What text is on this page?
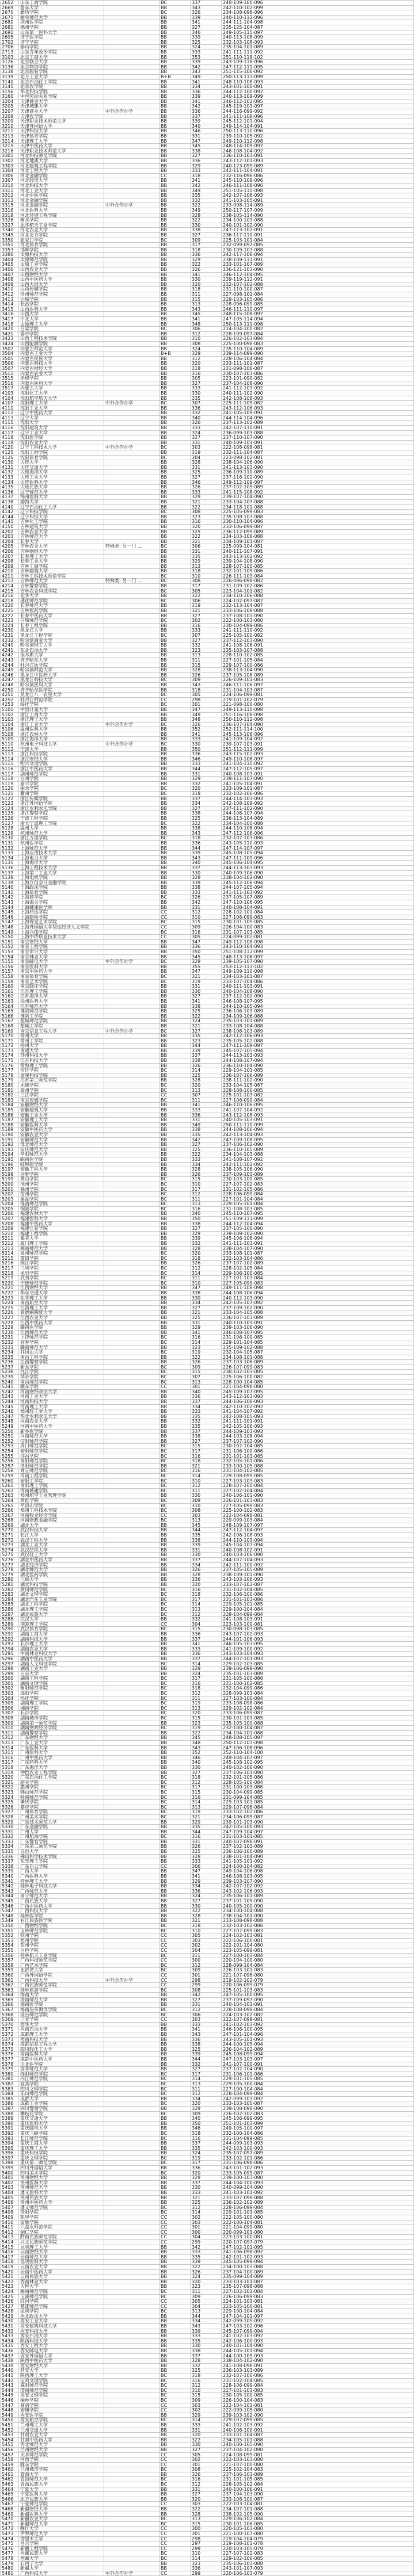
2652	山东工商学院		BC	337	240-109-100-096
2669	鲁东大学		BB	343	242-110-102-099
2670	潍坊学院		BC	326	234-108-098-096
2671	曲阜师范大学		BB	339	240-110-112-096
2680	滨州医学院		BB	341	244-111-104-098
2681	德州学院		BB	327	235-125-104-087
2691	山东第一医科大学		BB	346	249-105-115-097
2695	济宁医学院		BB	339	240-113-108-099
2702	济宁学院		BB	325	232-103-108-093
2706	泰山学院		BB	324	235-104-101-089
2713	山东青年政治学院		BB	333	241-111-111-092
3103	北京工商大学		BB	353	251-110-118-102
3126	北京联合大学		BB	339	243-109-118-096
3136	北京物资学院		BB	342	247-112-111-095
3138	北京服装学院		BB	343	251-115-106-092
3139	北方工业大学		B+B	349	250-113-113-099
3140	北京石油化工学院		BB	341	248-110-108-093
3145	北京农学院		BB	334	243-101-100-091
3156	华北科技学院		BB	336	244-112-100-092
3160	中国劳动关系学院		BB	339	240-113-109-099
3204	天津商业大学		BB	341	246-112-102-095
3205	天津城建大学		BB	342	245-119-103-097
3207	天津商业大学	中外合作办学	BB	336	244-116-099-092
3208	天津农学院		BB	337	241-111-108-096
3209	天津职业技术师范大学		BB	339	245-112-101-094
3210	天津外国语大学		BB	340	249-114-104-091
3211	天津科技大学		BB	346	250-113-110-096
3213	天津体育学院		BB	331	239-110-105-092
3214	天津理工大学		BB	347	249-110-112-098
3215	天津中医药大学		BB	345	248-114-109-097
3216	天津职业技术师范大学		BB	338	246-108-104-092
3301	河北科技师范学院		BB	327	236-110-103-091
3302	河北地质大学		BB	336	243-112-101-093
3303	河北建筑工程学院		BB	329	240-123-099-089
3304	河北工程大学		BB	333	242-111-104-091
3306	河北金融学院		CC	318	232-116-096-086
3307	河北经贸大学		BB	341	245-110-109-096
3310	河北科技大学		BB	342	246-111-108-096
3311	河北工业大学		BB	349	251-105-110-098
3312	河北中医学院		BB	335	242-107-106-093
3313	河北金融学院		BB	332	241-103-105-091
3315	河北金融学院	中外合作办学	BB	322	233-098-114-089
3316	河北医科大学		BB	349	250-117-107-099
3318	河北环境工程学院		BB	328	238-105-114-090
3326	衡水学院		BB	322	234-100-103-088
3327	北华航天工业学院		BB	330	240-101-102-090
3340	河北农业大学		BB	338	247-113-102-091
3345	河北北方学院		BB	327	236-117-110-091
3350	张家口学院		BC	309	225-103-101-084
3351	河北体育学院		BB	317	232-099-097-085
3353	邯郸学院		BB	318	230-109-103-088
3380	太原科技大学		BB	336	242-117-106-094
3404	太原师范学院		BB	329	238-109-111-091
3405	太原工业学院		BB	322	233-101-107-089
3406	山西农业大学		BB	326	236-121-103-090
3407	山西财经大学		BB	341	246-112-104-095
3408	山西中医药大学		BB	330	239-119-112-091
3409	山西大同大学		BB	320	232-107-102-088
3410	山西传媒学院		BB	318	231-110-100-087
3412	忻州师范学院		BB	311	227-098-101-084
3413	运城学院		BB	315	229-103-105-086
3414	长治学院		BB	313	228-096-099-085
3415	山西医科大学		BB	343	246-111-110-097
3416	山西大学		BB	345	248-115-108-097
3417	中北大学		BB	341	247-105-114-094
3418	太原理工大学		BB	348	250-113-111-098
3420	吕梁学院		BC	306	224-104-100-082
3421	晋中学院		BB	312	228-109-097-084
3423	山西工程技术学院		BB	310	226-102-103-084
3424	山西能源学院		BB	308	225-100-098-083
3502	内蒙古师范大学		BB	324	235-110-104-089
3504	内蒙古工业大学		B+B	329	239-114-099-090
3505	内蒙古民族大学		BB	312	228-106-104-084
3506	内蒙古科技大学		BB	320	233-111-101-087
3507	内蒙古财经大学		BB	318	231-098-106-087
3511	内蒙古农业大学		BB	316	230-107-103-086
3515	赤峰学院		BB	305	223-101-099-082
3516	内蒙古医科大学		BB	327	237-104-108-090
3517	内蒙古大学		BB	333	241-112-103-092
4103	沈阳化工大学		BB	330	240-111-102-090
4104	沈阳航空航天大学		BB	335	242-108-108-093
4107	沈阳理工大学	中外合作办学	BC	307	225-111-105-082
4110	沈阳工业大学		BB	336	243-112-106-093
4112	辽宁中医药大学		BB	332	241-105-109-091
4113	辽宁大学		BB	340	244-114-104-096
4115	沈阳大学		BB	326	237-113-102-089
4116	沈阳建筑大学		BB	333	242-107-110-091
4117	辽宁工业大学		BB	324	236-099-103-088
4118	沈阳医学院		BB	327	237-110-107-090
4119	沈阳农业大学		BB	331	240-109-101-091
4120	辽宁工程技术大学	中外合作办学	BC	303	222-108-098-081
4125	沈阳工程学院		BB	319	232-111-104-087
4126	沈阳体育学院		BC	304	223-098-102-081
4130	大连大学		BB	328	238-104-106-090
4131	大连交通大学		BB	331	241-113-103-090
4132	大连海洋大学		BB	325	236-109-110-089
4133	大连工业大学		BB	327	237-116-102-090
4134	大连医科大学		BB	346	249-112-109-097
4135	大连民族大学		BB	326	237-102-105-089
4136	辽宁师范大学		BB	333	241-115-108-092
4137	锦州医科大学		BB	329	239-107-104-090
4138	渤海大学		BB	321	233-104-107-088
4140	辽宁石油化工大学		BB	322	234-118-101-088
4142	辽宁科技学院		BC	308	225-105-099-083
4144	辽宁科技大学		BB	323	235-108-103-088
4145	吉林化工学院		BB	316	230-110-104-086
4150	吉林建筑大学		BB	320	233-106-099-087
4202	吉林农业大学		BB	325	236-112-099-089
4203	吉林师范大学		BB	322	234-103-106-088
4204	长春大学		BB	321	234-109-101-087
4205	吉林农业大学	特殊类: 另一门 ...	BC	306	225-099-104-081
4206	吉林财经大学		BB	331	240-111-107-091
4207	长春理工大学		BB	335	243-113-102-092
4208	长春工业大学		BB	329	239-104-108-090
4209	吉林工商学院		BB	313	228-107-100-085
4210	吉林建筑大学		BB	318	232-101-105-086
4211	吉林工程技术师范学院		BC	310	226-111-103-084
4213	吉林师范大学	特殊类: 另一门 ...	BC	308	226-096-098-082
4214	吉林警察学院		BB	317	231-109-102-086
4215	吉林农业科技学院		BC	305	223-104-101-082
4216	北华大学		BB	322	234-110-106-088
4218	通化师范学院		BC	306	224-102-097-082
4220	长春师范大学		BB	319	232-113-104-087
4221	吉林医药学院		BB	321	233-106-108-088
4222	长春中医药大学		BB	327	237-108-101-090
4223	白城师范学院		BC	302	222-100-103-080
4224	长春工程学院		BB	316	230-104-099-086
4230	黑龙江大学		BB	333	241-111-110-092
4231	黑龙江工程学院		BC	307	225-105-100-082
4232	哈尔滨商业大学		BB	327	237-112-103-090
4240	哈尔滨理工大学		BB	332	241-108-106-091
4241	东北石油大学		BB	323	235-103-107-088
4242	佳木斯大学		BB	313	228-110-102-085
4243	齐齐哈尔大学		BB	311	227-101-105-084
4244	牡丹江医学院		BB	315	229-107-100-086
4245	哈尔滨师范大学		BB	328	238-113-104-090
4246	黑龙江中医药大学		BB	326	237-105-108-089
4247	黑龙江科技大学		BC	309	226-109-101-083
4248	哈尔滨医科大学		BB	343	246-111-106-097
4250	齐齐哈尔医学院		BB	318	231-104-103-087
4251	黑龙江八一农垦大学		BC	305	224-106-099-081
4252	牡丹江师范学院		CC	298	219-101-102-079
4253	绥化学院		BC	301	221-098-100-080
5101	中国计量大学		BB	347	249-113-110-098
5102	浙江工商大学		BB	349	251-116-108-098
5103	浙江理工大学		BB	348	250-110-112-098
5104	浙江工业大学	中外合作办学	BC	326	236-107-104-090
5106	温州医科大学		BB	352	252-111-114-100
5108	浙江农林大学		BB	341	245-113-106-096
5109	浙江海洋大学		BB	333	241-109-104-092
5110	杭州电子科技大学	中外合作办学	BC	330	239-107-103-091
5112	宁波大学		BB	350	251-112-111-099
5113	浙江科技学院		BB	336	243-115-102-093
5114	浙江财经大学		BB	346	249-110-108-097
5115	绍兴文理学院		BB	333	241-104-110-092
5116	浙江中医药大学		BB	344	247-112-105-097
5117	湖州师范学院		BB	331	240-108-103-091
5118	台州学院		BB	329	239-111-107-090
5119	嘉兴学院		BB	332	241-105-104-091
5120	丽水学院		BC	320	233-109-101-087
5121	衢州学院		BC	318	232-102-106-086
5122	浙江传媒学院		BB	337	244-114-103-093
5123	浙江外国语学院		BB	334	242-108-109-092
5124	浙江水利水电学院		BB	327	237-111-102-090
5125	浙江警察学院		BB	338	244-106-107-094
5126	宁波工程学院		BB	325	236-113-104-089
5127	浙大宁波理工学院		BC	322	234-104-100-088
5128	温州大学		BB	338	244-110-108-094
5129	杭州师范大学		BB	343	247-112-106-096
5130	浙江万里学院		BC	318	232-107-103-086
5131	杭州医学院		BB	336	243-105-110-093
5132	上海师范大学		BB	344	247-114-107-097
5133	上海应用技术大学		BB	339	245-108-105-094
5134	上海电力大学		BB	343	247-111-109-096
5135	上海海洋大学		BB	340	245-106-104-095
5136	上海工程技术大学		BB	337	244-113-103-093
5137	上海第二工业大学		BB	330	240-109-106-090
5138	上海电机学院		BB	328	238-104-102-090
5139	上海立信会计金融学院		BB	339	245-112-108-094
5140	上海政法学院		BB	338	244-107-105-094
5141	上海体育学院		BB	333	241-111-103-092
5142	上海商学院		BC	326	237-105-107-089
5143	上海海关学院		BB	342	247-110-106-095
5144	上海健康医学院		BB	331	240-108-104-091
5145	上海杉达学院		CC	312	228-102-101-084
5146	上海建桥学院		CC	310	227-106-099-083
5147	上海视觉艺术学院		BC	315	230-101-105-085
5148	上海外国语大学贤达经济人文学院		CC	309	226-104-100-083
5149	上海兴伟学院		BC	316	231-107-103-085
5150	上海中侨职业技术大学		CC	305	224-099-102-081
5151	南京财经大学		BB	347	249-112-108-098
5152	南京工程学院		BB	336	243-110-104-093
5153	南京审计大学		BB	350	251-108-112-099
5154	南京林业大学		BB	345	248-113-106-097
5155	南京邮电大学	中外合作办学	BC	329	239-105-107-090
5156	南京医科大学		BB	355	253-112-113-102
5157	南京中医药大学		BB	347	249-109-110-098
5158	南京体育学院		BC	321	234-103-101-087
5159	南京艺术学院		BC	319	233-107-104-086
5160	南京晓庄学院		BB	331	240-111-103-091
5161	江苏理工学院		BB	330	240-104-108-090
5162	江苏海洋大学		BB	327	237-112-102-090
5163	徐州医科大学		BB	341	246-108-107-095
5164	江苏师范大学		BB	338	244-110-105-094
5165	淮阴师范学院		BB	325	236-106-103-089
5166	淮阴工学院		BB	322	234-109-106-088
5167	盐城师范学院		BB	324	235-103-101-089
5168	盐城工学院		BB	321	233-108-104-088
5169	南京信息工程大学	中外合作办学	BC	327	238-106-103-089
5170	常州大学		BB	335	242-112-106-093
5171	常州工学院		BB	323	235-105-102-088
5172	扬州大学		BB	344	247-111-109-097
5173	南通大学		BB	339	245-107-105-094
5174	苏州科技大学		BB	337	244-113-103-093
5175	江苏科技大学		BB	338	244-108-107-094
5176	常熟理工学院		BB	326	236-110-104-090
5177	宿迁学院		BC	314	229-104-101-085
5178	金陵科技学院		BB	325	236-107-106-089
5179	江苏第二师范学院		BB	328	238-111-102-090
5180	无锡学院		BC	320	233-104-105-087
5181	泰州学院		BC	313	228-108-100-085
5182	三江学院		CC	307	225-101-103-082
5183	南京传媒学院		BC	311	227-106-099-084
5184	安徽财经大学		BB	341	246-110-106-095
5185	安徽建筑大学		BB	333	241-107-104-092
5186	安徽工业大学		BB	336	243-112-108-093
5187	安徽理工大学		BB	331	240-105-103-091
5188	安徽医科大学		BB	349	250-111-110-099
5189	安徽中医药大学		BB	338	244-108-106-094
5190	安徽农业大学		BB	335	242-113-104-093
5191	安徽师范大学		BB	342	247-109-108-095
5192	淮北师范大学		BB	327	237-106-102-090
5193	安庆师范大学		BB	325	236-110-105-089
5194	阜阳师范大学		BB	322	234-104-103-088
5195	皖南医学院		BB	333	241-108-107-092
5196	蚌埠医学院		BB	334	242-111-102-092
5197	安徽工程大学		BB	328	238-105-106-090
5198	合肥学院		BB	326	237-109-103-089
5199	黄山学院		BC	315	230-103-100-085
5200	池州学院		BC	310	227-107-102-083
5201	滁州学院		BC	317	231-102-105-086
5202	宿州学院		BC	312	228-106-099-084
5203	巢湖学院		BC	311	227-101-104-084
5204	淮南师范学院		BC	313	229-105-101-084
5205	铜陵学院		BC	316	231-108-103-085
5206	福建农林大学		BB	340	245-110-107-095
5207	福建医科大学		BB	350	251-109-111-099
5208	福建中医药大学		BB	338	244-112-104-094
5209	福建江夏学院		BB	327	237-105-106-090
5210	福建工程学院		BB	329	239-109-102-090
5211	集美大学		BB	339	245-106-108-094
5212	厦门理工学院		BB	332	241-111-103-091
5213	闽南师范大学		BB	328	238-104-107-090
5214	泉州师范学院		BC	320	233-108-101-087
5215	莆田学院		BC	318	232-103-104-086
5216	闽江学院		BB	326	237-107-102-089
5217	三明学院		BC	312	228-102-105-084
5218	龙岩学院		BC	314	229-106-100-085
5219	武夷学院		BC	311	227-101-103-084
5220	宁德师范学院		BC	310	227-105-099-083
5221	江西财经大学		BB	347	249-111-108-098
5222	华东交通大学		BB	338	244-108-106-094
5223	东华理工大学		BB	330	240-112-103-090
5224	南昌航空大学		BB	334	242-105-107-092
5225	江西理工大学		BB	327	237-109-102-090
5226	景德镇陶瓷大学		BB	321	233-104-105-088
5227	江西农业大学		BB	325	236-107-103-089
5228	江西中医药大学		BB	331	240-110-101-091
5229	赣南医学院		BB	329	239-103-106-090
5230	江西师范大学		BB	341	246-108-107-095
5231	上饶师范学院		BC	316	231-106-100-085
5232	宜春学院		BC	314	229-101-104-085
5233	赣南师范大学		BB	323	235-109-102-088
5234	井冈山大学		BC	319	232-104-105-087
5235	南昌工程学院		BB	322	234-108-101-088
5236	江西警察学院		BB	326	237-103-106-089
5237	新余学院		BC	309	226-107-099-083
5238	九江学院		BC	315	230-102-103-085
5239	萍乡学院		BC	307	225-106-100-082
5240	南昌师范学院		BC	313	228-100-104-085
5241	赣东学院		CC	301	221-104-098-080
5242	河南财经政法大学		BB	340	245-109-107-095
5243	河南工业大学		BB	336	243-112-103-093
5244	河南科技大学		BB	337	244-106-108-093
5245	河南理工大学		BB	334	242-110-102-092
5246	郑州轻工业大学		BB	333	241-104-107-092
5247	华北水利水电大学		BB	335	242-108-105-093
5248	河南农业大学		BB	332	241-111-101-091
5249	河南中医药大学		BB	335	242-105-106-093
5250	新乡医学院		BB	337	244-109-103-093
5251	河南师范大学		BB	338	244-103-108-094
5252	信阳师范学院		BB	327	237-107-102-090
5253	周口师范学院		BC	315	230-102-104-085
5254	安阳师范学院		BC	317	231-106-100-086
5255	许昌学院		BC	316	231-101-103-085
5256	南阳师范学院		BC	318	232-105-101-086
5257	洛阳师范学院		BB	321	233-100-105-088
5258	商丘师范学院		BC	316	231-104-102-085
5259	河南工程学院		BC	314	229-108-099-085
5260	安阳工学院		BC	310	227-103-103-083
5261	南阳理工学院		BC	312	228-107-100-084
5262	河南城建学院		BC	311	227-102-104-084
5263	郑州航空工业管理学院		BB	330	240-106-101-090
5264	黄淮学院		BC	309	226-101-103-083
5265	平顶山学院		BC	310	227-105-099-083
5266	郑州工程技术学院		BC	308	225-100-102-083
5267	河南牧业经济学院		CC	303	222-104-098-081
5268	河南财政金融学院		BC	313	229-099-103-084
5269	湖北大学		BB	345	248-109-107-097
5270	武汉科技大学		BB	344	247-112-104-097
5271	长江大学		BB	335	242-106-108-093
5272	武汉工程大学		BB	338	244-110-103-094
5273	湖北工业大学		BB	339	245-104-107-094
5274	武汉纺织大学		BB	331	240-108-102-091
5275	武汉轻工大学		BB	330	240-103-106-090
5276	湖北中医药大学		BB	337	244-107-104-093
5277	湖北经济学院		BB	334	242-111-100-092
5278	湖北师范大学		BB	326	237-105-105-089
5279	湖北医药学院		BB	328	238-109-101-090
5280	三峡大学		BB	336	243-103-106-093
5281	湖北科技学院		BB	320	233-107-102-087
5282	黄冈师范学院		BC	316	231-102-104-085
5283	湖北文理学院		BC	318	232-106-100-086
5284	湖北汽车工业学院		BC	317	231-101-103-086
5285	湖北工程学院		BC	314	229-105-101-085
5286	湖北理工学院		BC	313	229-100-104-084
5287	湖北民族大学		BC	312	228-104-099-084
5288	江汉大学		BB	332	241-108-103-091
5289	荆楚理工学院		CC	304	223-103-100-081
5290	武汉体育学院		BC	315	230-098-103-085
5291	湖南工商大学		BB	336	243-107-102-093
5292	湖南科技大学		BB	337	244-101-106-093
5293	长沙理工大学		BB	341	246-105-103-095
5294	湖南农业大学		BB	333	241-109-100-092
5295	中南林业科技大学		BB	336	243-103-104-093
5296	湖南中医药大学		BB	337	244-107-101-093
5297	湖南人文科技学院		BC	314	229-102-103-085
5298	湖南工业大学		BB	329	239-106-099-090
5299	吉首大学		BB	324	235-101-103-089
5300	湖南工程学院		BC	317	231-105-100-086
5301	湖南文理学院		BC	316	231-100-102-085
5302	衡阳师范学院		BC	318	232-104-099-086
5303	邵阳学院		BC	312	228-099-103-084
5304	怀化学院		BC	311	227-103-100-084
5305	湖南理工学院		BC	319	233-108-098-086
5306	湘南学院		BC	313	229-102-102-084
5307	长沙学院		BC	320	233-106-099-087
5308	湖南城市学院		BC	315	230-101-103-085
5309	湖南第一师范学院		BB	323	235-105-100-088
5310	湖南财政经济学院		BC	319	232-100-104-087
5311	湖南警察学院		BB	322	234-104-101-088
5312	广东财经大学		BB	345	248-108-105-097
5313	广东工业大学		BB	348	250-112-103-098
5314	广东医科大学		BB	343	247-106-108-096
5315	广州医科大学		BB	352	252-110-104-100
5316	广州中医药大学		BB	346	249-104-107-097
5317	广东药科大学		BB	340	245-108-102-095
5318	广东海洋大学		BB	330	240-102-106-090
5319	仲恺农业工程学院		BB	327	237-106-101-090
5320	广东石油化工学院		BC	318	232-101-105-086
5321	韶关学院		BC	312	228-105-100-084
5322	惠州学院		BC	317	231-100-103-086
5323	韩山师范学院		BC	315	230-104-099-085
5324	岭南师范学院		BC	316	231-099-104-085
5325	肇庆学院		BC	314	229-103-101-085
5326	嘉应学院		BC	313	229-107-098-084
5327	广州体育学院		BC	319	233-102-102-086
5328	广州美术学院		BC	321	234-106-099-087
5329	广东技术师范大学		BB	329	239-101-103-090
5330	广东金融学院		BB	335	242-105-100-093
5331	广州大学		BB	344	247-109-104-097
5332	广州航海学院		BC	316	231-103-101-085
5333	广东警官学院		BB	331	240-107-098-091
5334	广东第二师范学院		BB	326	237-102-103-089
5335	五邑大学		BB	325	236-106-100-089
5336	佛山科学技术学院		BB	328	238-101-104-090
5337	东莞理工学院		BB	333	241-105-101-092
5338	广东白云学院		CC	306	224-100-104-082
5339	广西大学		BB	347	249-104-106-098
5340	广西医科大学		BB	341	246-108-103-095
5341	桂林理工大学		BB	329	239-103-107-090
5342	桂林电子科技大学		BB	334	242-107-102-092
5343	广西师范大学		BB	336	243-102-106-093
5344	南宁师范大学		BB	324	235-106-101-089
5345	广西民族大学		BB	327	237-101-105-090
5346	广西中医药大学		BB	330	240-105-100-090
5347	广西科技大学		BB	322	234-100-104-088
5348	桂林医学院		BB	328	238-104-101-090
5349	右江民族医学院		BB	321	233-108-098-088
5350	广西财经学院		BC	318	232-103-102-086
5351	玉林师范学院		BC	310	227-107-099-083
5352	钦州学院		CC	305	224-102-103-081
5353	梧州学院		CC	303	222-106-100-081
5354	贺州学院		CC	302	222-101-104-080
5355	百色学院		CC	304	223-105-099-081
5356	桂林航天工业学院		BC	311	227-100-103-084
5357	广西科技师范学院		CC	300	220-104-100-080
5358	广西艺术学院		BC	312	228-099-104-084
5359	北部湾大学		BC	309	226-103-101-083
5360	广西外国语学院		CC	301	221-107-098-080
5361	广西科技大学	中外合作办学	CC	298	219-102-102-079
5362	广西民族师范学院		CC	299	220-106-099-079
5363	桂林旅游学院		BC	308	225-101-103-083
5364	海南大学		BB	342	247-105-100-095
5365	海南师范大学		BB	327	237-109-097-090
5366	海南医学院		BB	331	240-104-101-091
5367	海南热带海洋学院		BC	312	228-108-098-084
5368	琼台师范学院		BC	306	224-103-102-082
5369	三亚学院		CC	303	222-107-099-081
5370	西华大学		BB	333	241-102-103-092
5371	西南石油大学		BB	341	246-106-100-095
5372	成都理工大学		BB	343	247-101-104-096
5373	西南科技大学		BB	336	243-105-101-093
5374	成都信息工程大学		BB	338	244-100-105-094
5375	四川轻化工大学		BB	325	236-104-102-089
5376	西南医科大学		BB	339	245-108-099-094
5377	成都中医药大学		BB	344	247-103-103-097
5378	川北医学院		BB	332	241-107-100-091
5379	西华师范大学		BB	327	237-102-104-090
5380	绵阳师范学院		BC	317	231-106-101-086
5381	内江师范学院		BC	314	229-101-105-085
5382	宜宾学院		BC	313	229-105-100-084
5383	四川文理学院		BC	311	227-100-104-084
5384	乐山师范学院		BC	312	228-104-099-084
5385	成都大学		BB	334	242-099-103-092
5386	成都工业学院		BC	320	233-103-100-087
5387	四川警察学院		BB	329	239-108-098-090
5388	攀枝花学院		BC	309	226-102-102-083
5389	重庆交通大学		BB	340	245-106-099-095
5390	重庆医科大学		BB	350	251-101-103-099
5391	重庆邮电大学		BB	346	249-105-100-097
5392	重庆三峡学院		BC	318	232-100-104-086
5393	长江师范学院		BC	316	231-104-099-085
5394	重庆工商大学		BB	337	244-099-103-093
5395	重庆理工大学		BB	335	242-103-100-093
5396	重庆科技学院		BB	324	235-107-097-089
5397	重庆文理学院		BC	319	233-102-101-086
5398	重庆第二师范学院		BC	317	231-106-098-086
5399	四川外国语大学		BB	336	243-101-102-093
5400	四川美术学院		BC	320	233-105-099-087
5401	贵州财经大学		BB	329	239-100-103-090
5402	贵州医科大学		BB	337	244-104-100-093
5403	贵州师范大学		BB	330	240-099-104-090
5404	遵义医科大学		BB	333	241-103-101-092
5405	贵州民族大学		BB	321	233-107-098-088
5406	贵州中医药大学		BB	325	236-102-102-089
5407	遵义师范学院		BC	312	228-106-099-084
5408	贵阳学院		BC	314	229-101-103-085
5409	凯里学院		CC	302	222-105-100-080
5410	安顺学院		CC	303	222-100-104-081
5411	六盘水师范学院		CC	301	221-104-099-080
5412	铜仁学院		CC	300	220-099-103-080
5413	黔南民族师范学院		CC	304	223-103-100-081
5414	兴义民族师范学院		CC	299	220-107-097-079
5415	昆明理工大学		BB	342	247-102-101-095
5416	云南财经大学		BB	333	241-106-098-092
5417	云南师范大学		BB	335	242-101-102-093
5418	昆明医科大学		BB	339	245-105-099-094
5419	云南农业大学		BB	322	234-100-103-088
5420	云南中医药大学		BB	326	237-104-100-089
5421	云南民族大学		BB	324	235-099-104-089
5422	西南林业大学		BB	320	233-103-101-087
5423	大理大学		BB	323	235-107-098-088
5424	曲靖师范学院		BC	311	227-102-102-084
5425	玉溪师范学院		BC	309	226-106-099-083
5426	红河学院		CC	305	224-101-103-081
5427	楚雄师范学院		CC	304	223-105-100-081
5428	昆明学院		BC	313	229-100-104-084
5429	西北政法大学		BB	344	247-104-101-097
5430	西安工业大学		BB	334	242-099-105-092
5431	西安建筑科技大学		BB	343	247-103-102-096
5432	西安科技大学		BB	339	245-107-099-094
5433	西安石油大学		BB	333	241-102-103-092
5434	陕西科技大学		BB	335	242-106-100-093
5435	西安工程大学		BB	330	240-101-104-090
5436	西安邮电大学		BB	338	244-105-101-094
5437	西安外国语大学		BB	337	244-100-105-093
5438	陕西中医药大学		BB	328	238-104-102-090
5439	西安财经大学		BB	332	241-108-098-091
5440	延安大学		BB	325	236-103-103-089
5441	陕西理工大学		BC	318	232-107-100-086
5442	宝鸡文理学院		BC	316	231-102-104-085
5443	咸阳师范学院		BC	312	228-106-099-084
5444	渭南师范学院		BC	310	227-101-103-083
5445	西安文理学院		BC	315	230-105-100-085
5446	榆林学院		BC	309	226-100-104-083
5447	商洛学院		CC	303	222-104-101-081
5448	安康学院		CC	302	222-099-105-080
5449	西安医学院		BB	329	239-103-102-090
5450	西安航空学院		BC	314	229-107-099-085
5451	兰州理工大学		BB	333	241-102-103-092
5452	兰州交通大学		BB	331	240-106-100-091
5453	甘肃农业大学		BB	320	233-101-104-087
5454	甘肃中医药大学		BB	322	234-105-101-088
5455	西北师范大学		BB	330	240-100-105-090
5456	兰州财经大学		BB	327	237-104-102-090
5457	天水师范学院		CC	305	224-108-099-081
5458	河西学院		CC	302	222-103-103-080
5459	陇东学院		CC	301	221-107-100-080
5460	兰州城市学院		BC	308	225-102-104-083
5461	青海大学		BB	326	237-106-101-089
5462	青海师范大学		BC	316	231-101-105-085
5463	青海民族大学		BC	312	228-105-102-084
5464	宁夏大学		BB	331	240-100-106-091
5465	宁夏医科大学		BB	327	237-104-103-090
5466	北方民族大学		BB	320	233-108-100-087
5467	宁夏师范学院		CC	303	222-103-104-081
5468	新疆财经大学		BB	322	234-107-101-088
5469	新疆医科大学		BB	328	238-102-105-090
5470	新疆农业大学		BC	313	229-106-102-084
5471	新疆师范大学		BC	315	230-101-106-085
5472	喀什大学		CC	300	220-105-103-080
5473	伊犁师范大学		CC	301	221-100-107-080
5474	塔里木大学		CC	298	219-104-104-079
5475	昌吉学院		CC	297	219-108-101-078
5476	新疆工程学院		CC	299	220-103-105-079
5477	西藏民族大学		BC	310	227-107-102-083
5478	西藏大学		BC	314	229-102-106-085
5479	石河子大学		BB	323	235-106-103-088
5480	新疆大学		BB	336	243-101-107-093
5481	广西科技大学	中外合作办学	CC	299	220-106-103-079
